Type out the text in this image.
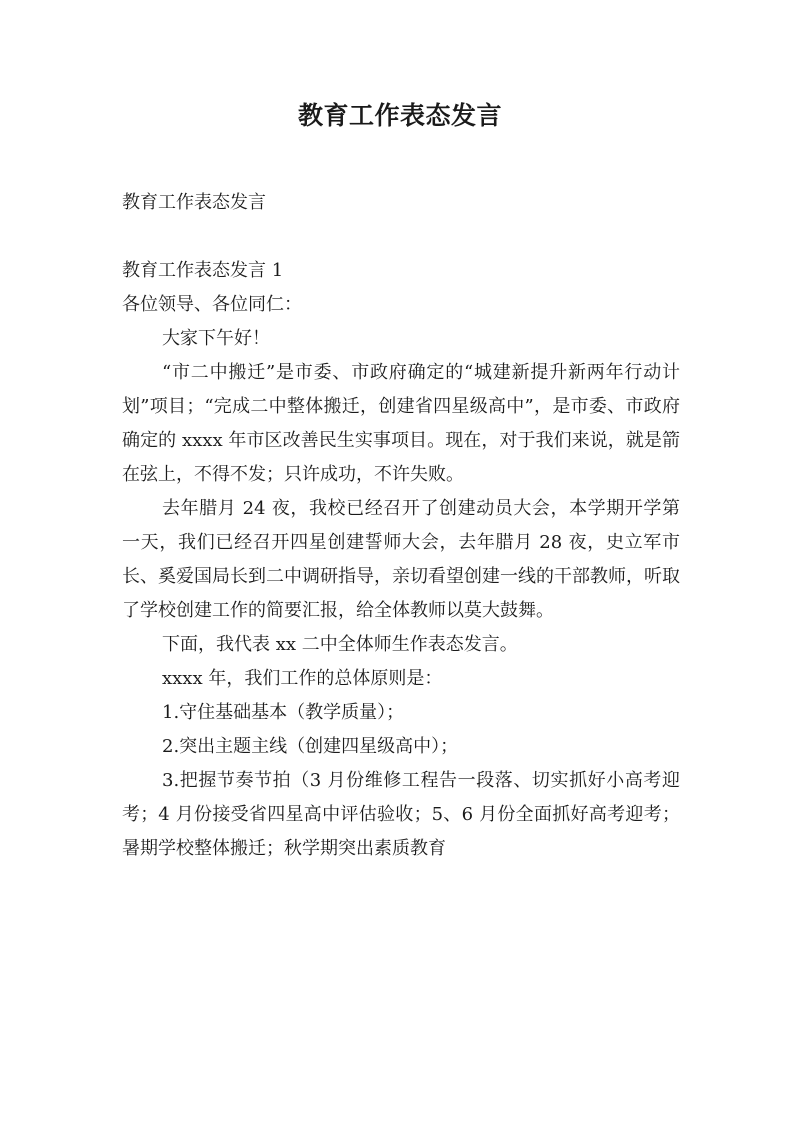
教育工作表态发言

教育工作表态发言

教育工作表态发言 1

各位领导、各位同仁：

大家下午好！

“市二中搬迁”是市委、市政府确定的“城建新提升新两年行动计划”项目；“完成二中整体搬迁，创建省四星级高中”，是市委、市政府确定的 xxxx 年市区改善民生实事项目。现在，对于我们来说，就是箭在弦上，不得不发；只许成功，不许失败。

去年腊月 24 夜，我校已经召开了创建动员大会，本学期开学第一天，我们已经召开四星创建誓师大会，去年腊月 28 夜，史立军市长、奚爱国局长到二中调研指导，亲切看望创建一线的干部教师，听取了学校创建工作的简要汇报，给全体教师以莫大鼓舞。

下面，我代表 xx 二中全体师生作表态发言。

xxxx 年，我们工作的总体原则是：

1.守住基础基本（教学质量）；

2.突出主题主线（创建四星级高中）；

3.把握节奏节拍（3 月份维修工程告一段落、切实抓好小高考迎考；4 月份接受省四星高中评估验收；5、6 月份全面抓好高考迎考；暑期学校整体搬迁；秋学期突出素质教育
